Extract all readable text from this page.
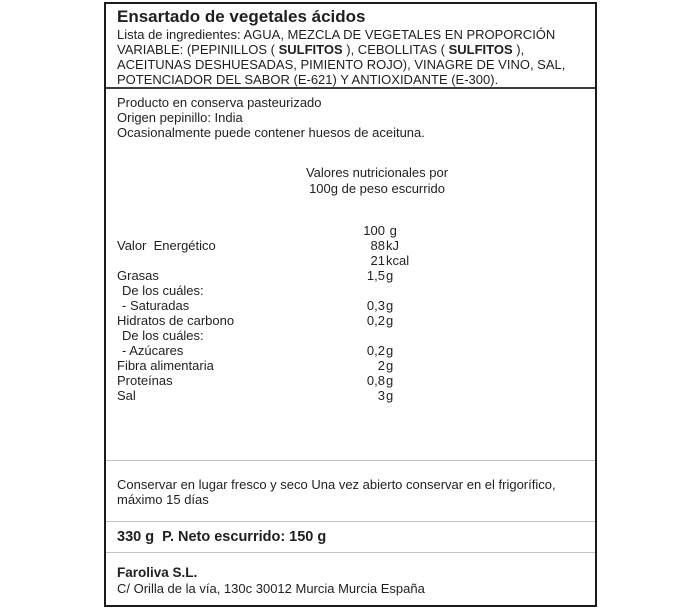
Ensartado de vegetales ácidos
Lista de ingredientes: AGUA, MEZCLA DE VEGETALES EN PROPORCIÓN
VARIABLE: (PEPINILLOS ( SULFITOS ), CEBOLLITAS ( SULFITOS ),
ACEITUNAS DESHUESADAS, PIMIENTO ROJO), VINAGRE DE VINO, SAL,
POTENCIADOR DEL SABOR (E-621) Y ANTIOXIDANTE (E-300).
Producto en conserva pasteurizado
Origen pepinillo: India
Ocasionalmente puede contener huesos de aceituna.
Valores nutricionales por
100g de peso escurrido
100 g
Valor  Energético	88 kJ
21 kcal
Grasas	1,5 g
De los cuáles:
- Saturadas	0,3 g
Hidratos de carbono	0,2 g
De los cuáles:
- Azúcares	0,2 g
Fibra alimentaria	2 g
Proteínas	0,8 g
Sal	3 g
Conservar en lugar fresco y seco Una vez abierto conservar en el frigorífico,
máximo 15 días
330 g  P. Neto escurrido: 150 g
Faroliva S.L.
C/ Orilla de la vía, 130c 30012 Murcia Murcia España
